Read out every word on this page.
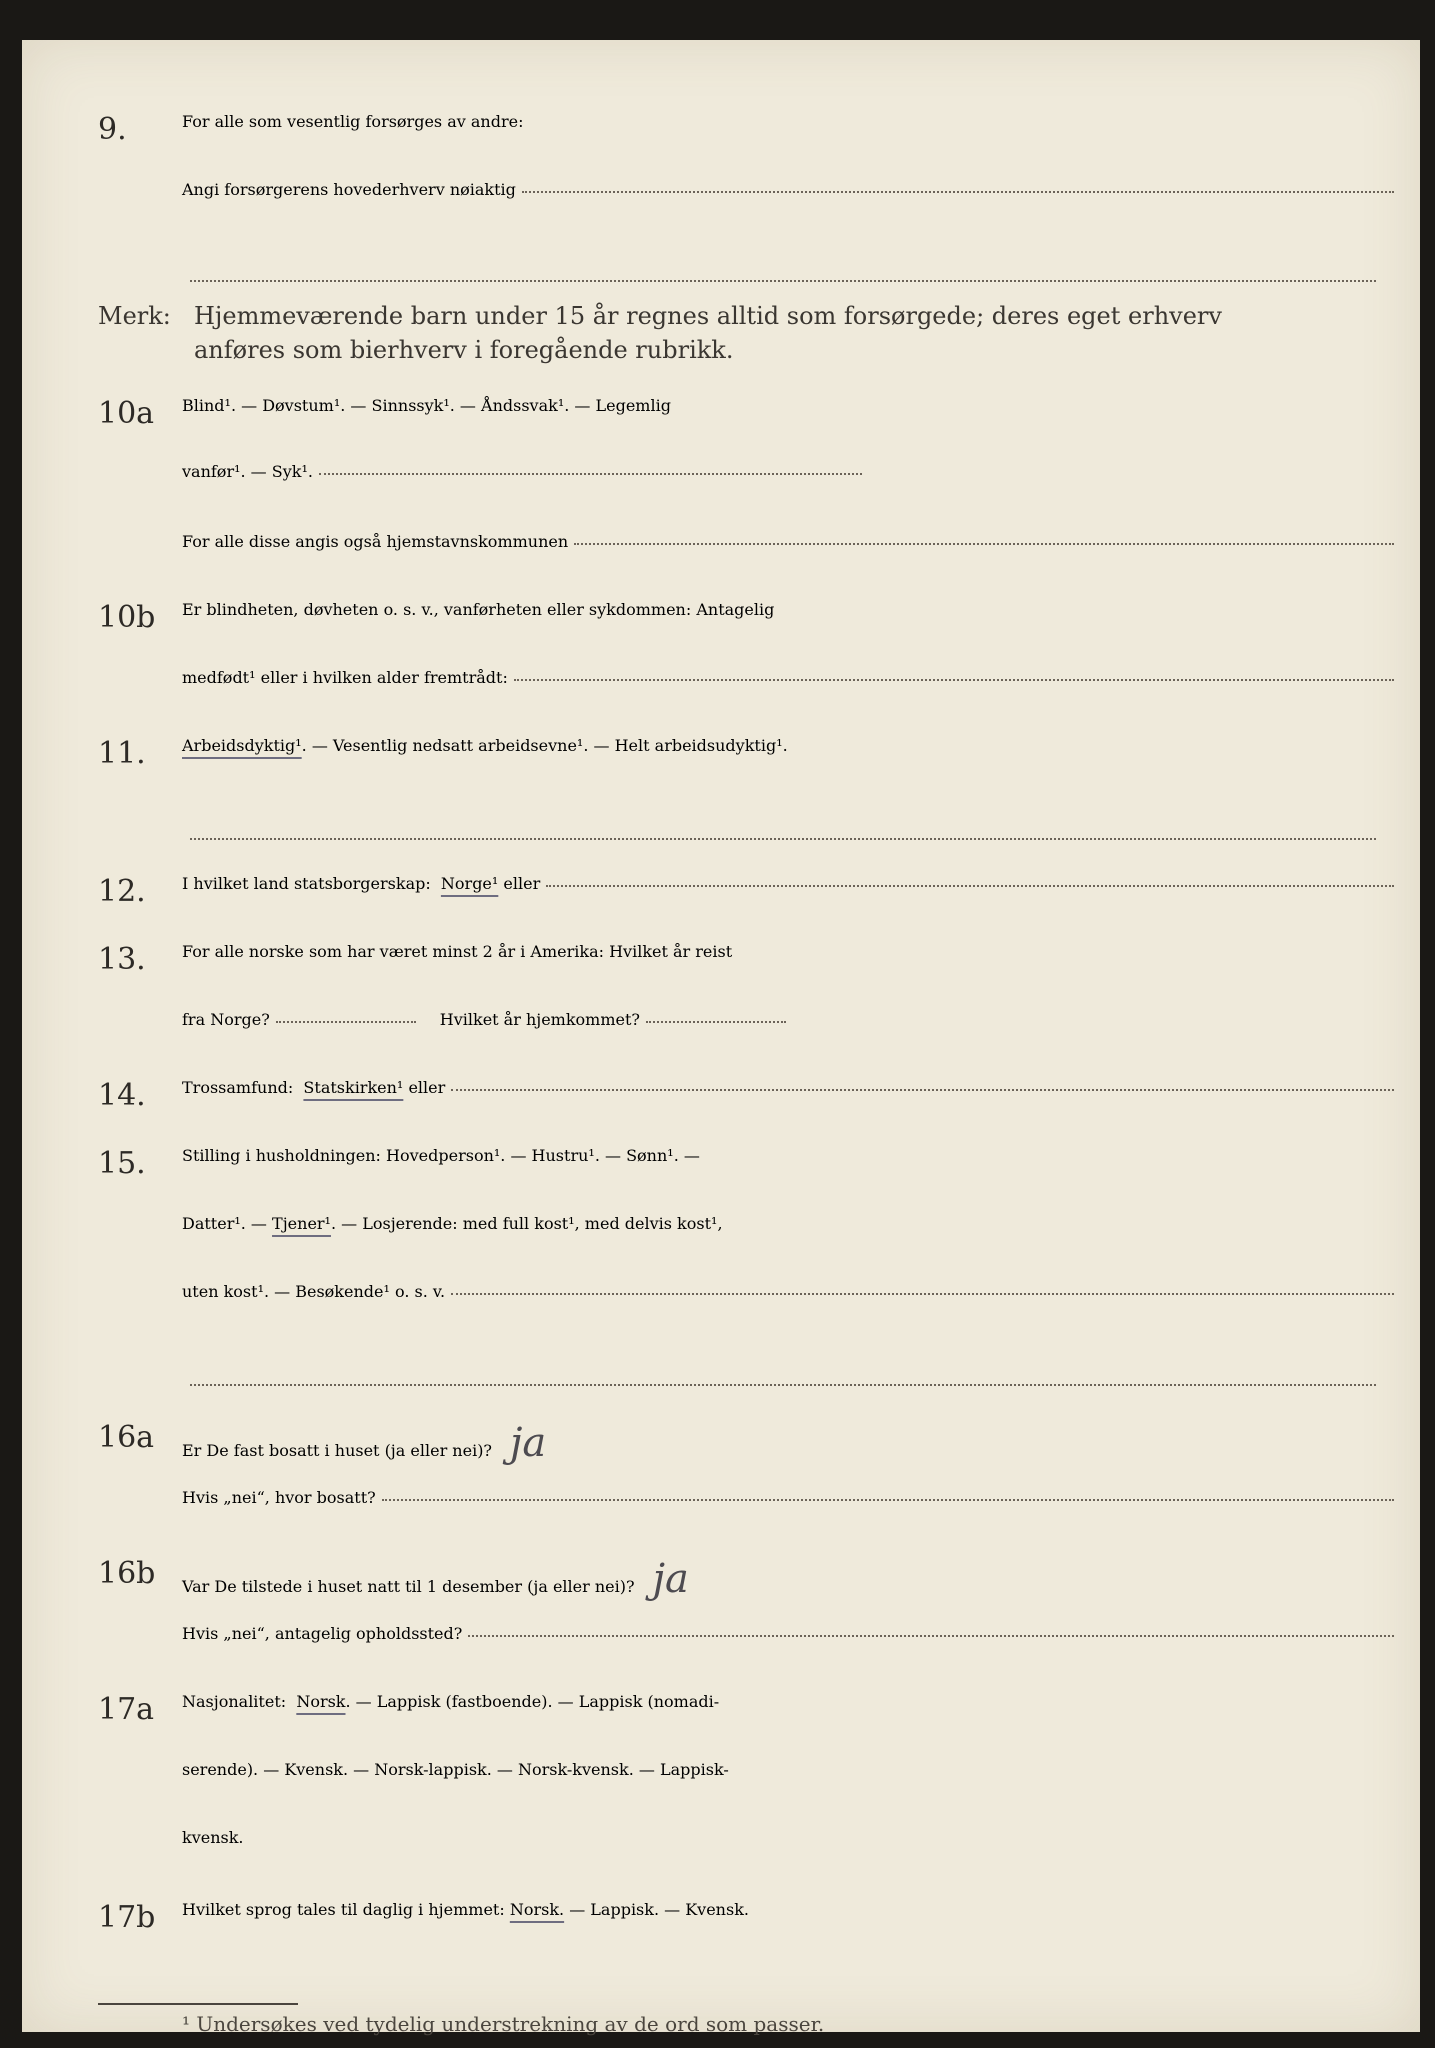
9.	For alle som vesentlig forsørges av andre:
Angi forsørgerens hovederhverv nøiaktig
Merk: Hjemmeværende barn under 15 år regnes alltid som forsørgede; deres eget erhverv
anføres som bierhverv i foregående rubrikk.
10a Blind¹. — Døvstum¹. — Sinnssyk¹. — Åndssvak¹. — Legemlig
vanfør¹. — Syk¹.
For alle disse angis også hjemstavnskommunen
10b Er blindheten, døvheten o. s. v., vanførheten eller sykdommen: Antagelig
medfødt¹ eller i hvilken alder fremtrådt:
11. Arbeidsdyktig¹ . — Vesentlig nedsatt arbeidsevne¹. — Helt arbeidsudyktig¹.
12. I hvilket land statsborgerskap:
Norge¹
eller
13. For alle norske som har været minst 2 år i Amerika: Hvilket år reist
fra Norge?	Hvilket år hjemkommet?
14. Trossamfund:
Statskirken¹
eller
15. Stilling i husholdningen: Hovedperson¹. — Hustru¹. — Sønn¹. —
Datter¹. —
Tjener¹ . — Losjerende: med full kost¹, med delvis kost¹,
uten kost¹. — Besøkende¹ o. s. v.
16a Er De fast bosatt i huset (ja eller nei)? ja
Hvis „nei“, hvor bosatt?
16b Var De tilstede i huset natt til 1 desember (ja eller nei)? ja
Hvis „nei“, antagelig opholdssted?
17a Nasjonalitet:
Norsk . — Lappisk (fastboende). — Lappisk (nomadi-
serende). — Kvensk. — Norsk-lappisk. — Norsk-kvensk. — Lappisk-
kvensk.
17b Hvilket sprog tales til daglig i hjemmet:
Norsk.
— Lappisk. — Kvensk.
¹ Undersøkes ved tydelig understrekning av de ord som passer.
